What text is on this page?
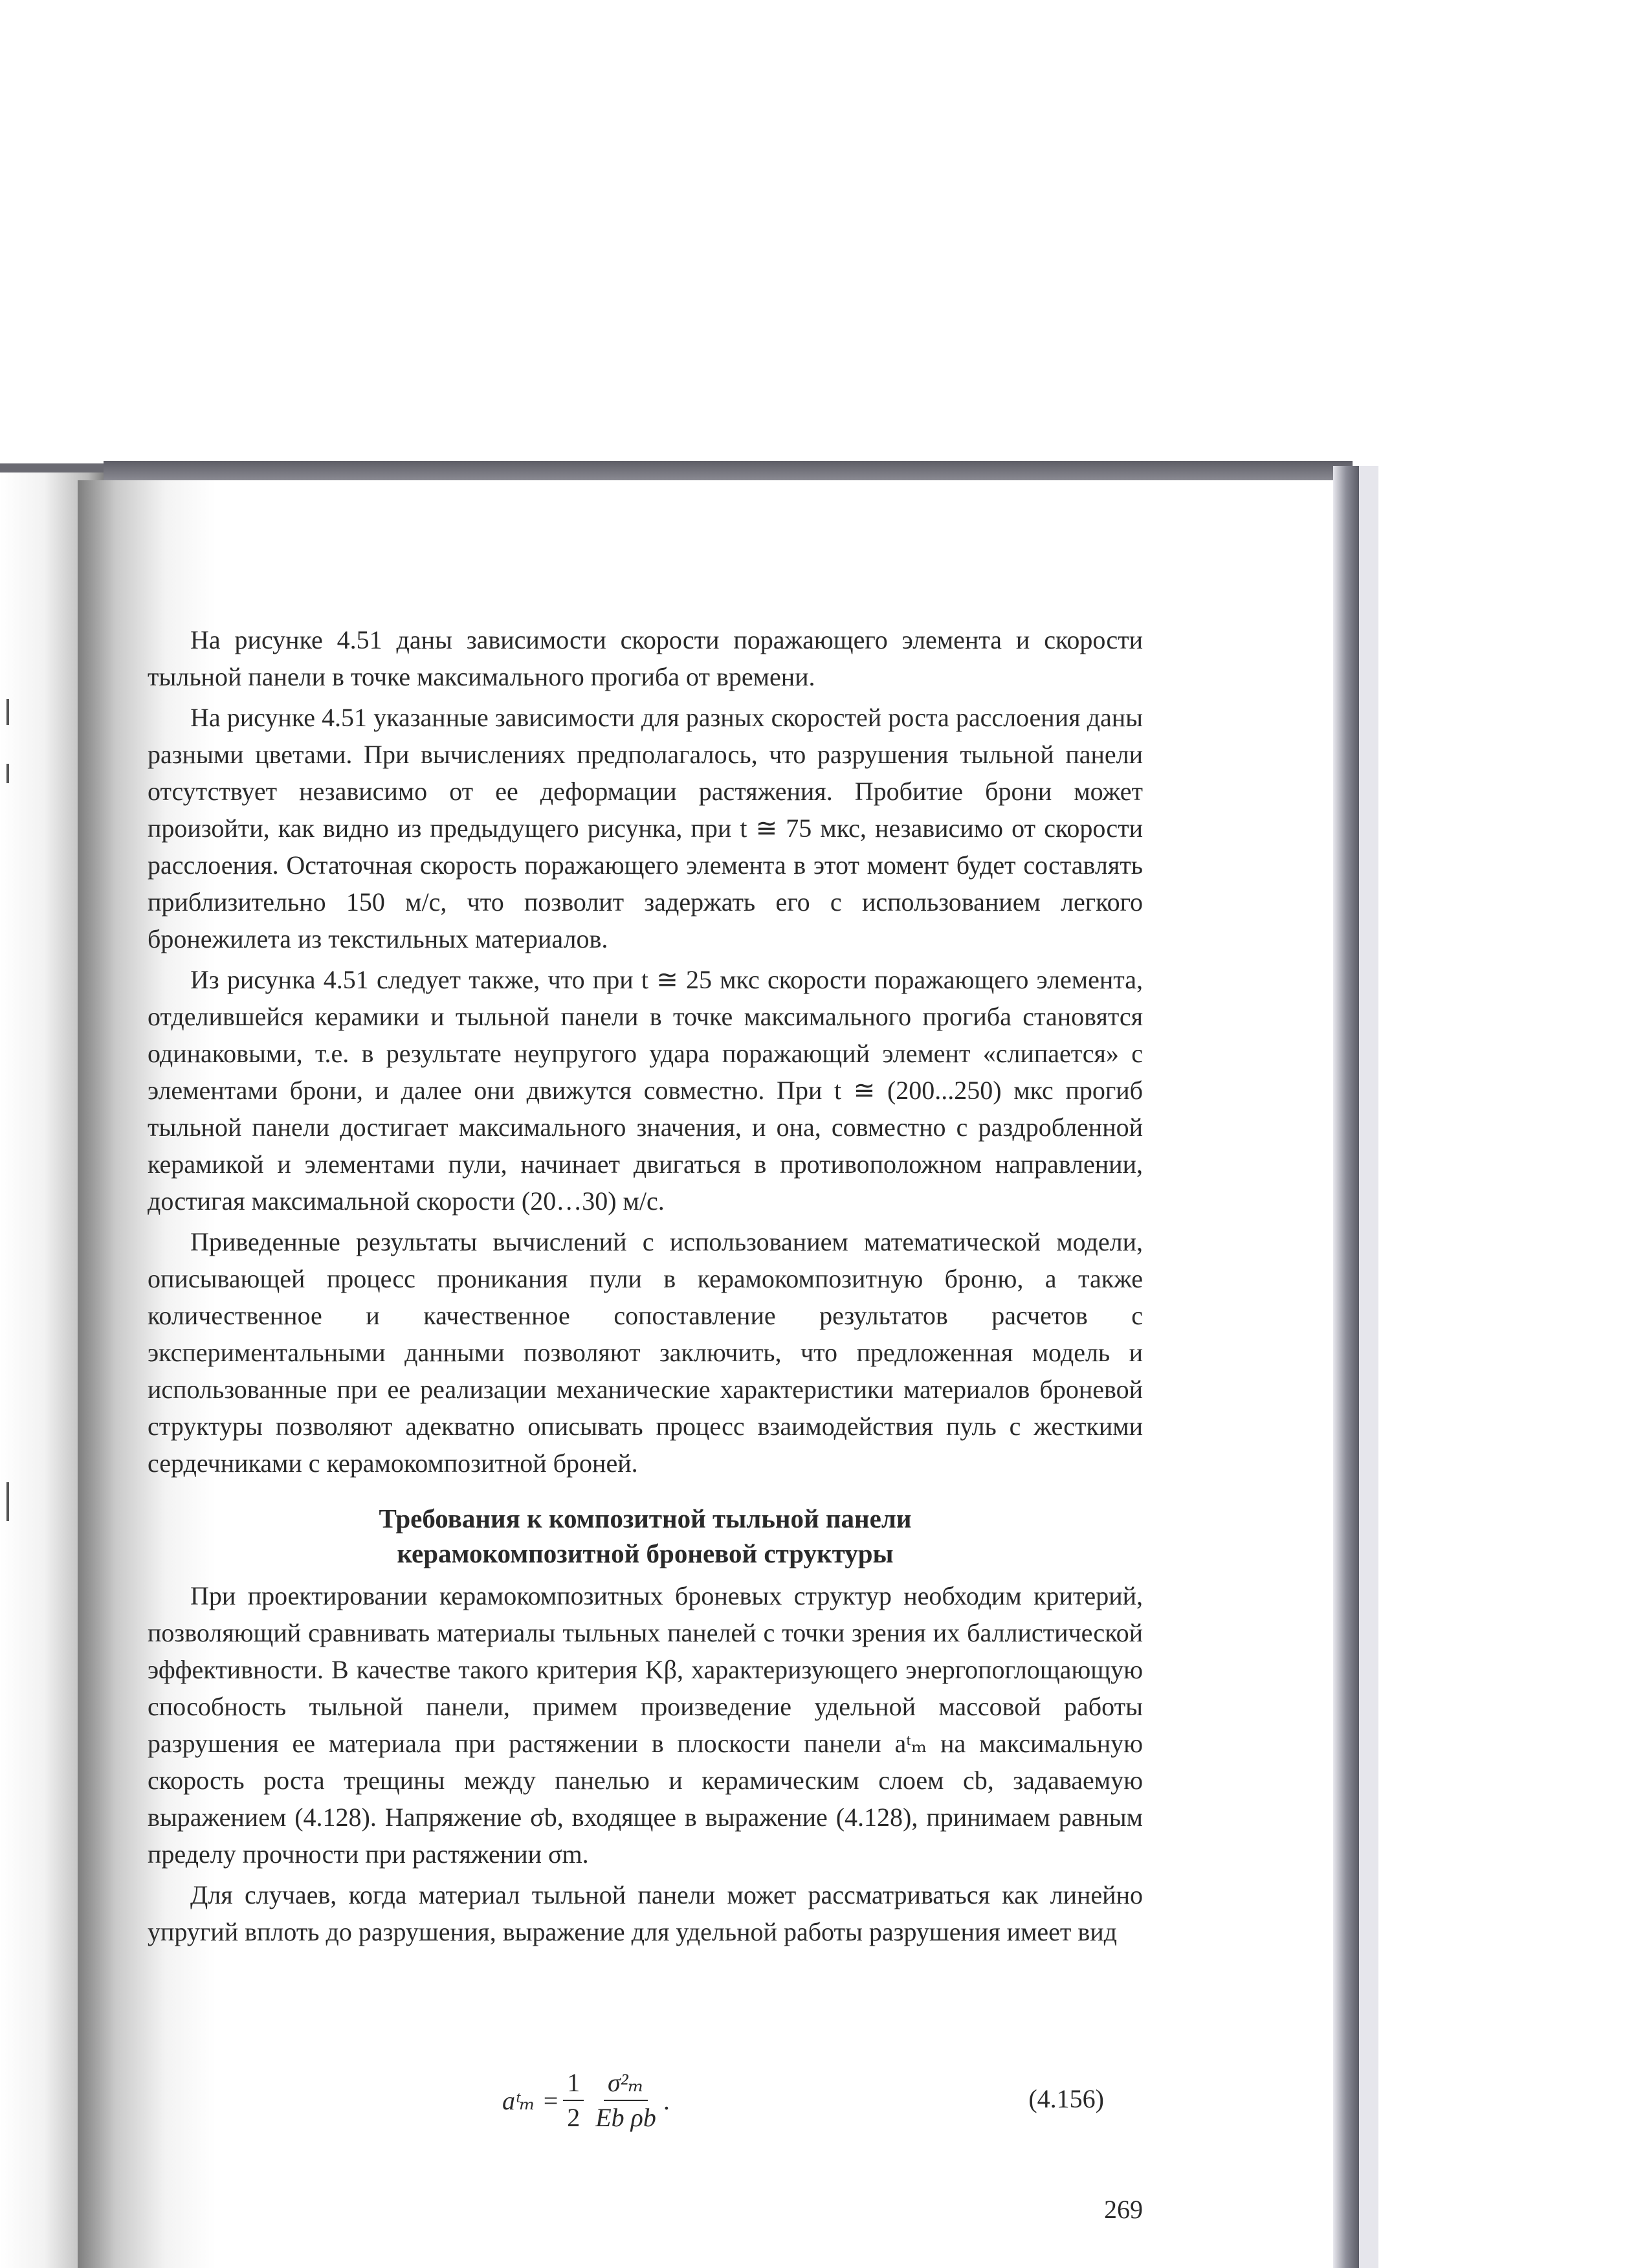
На рисунке 4.51 даны зависимости скорости поражающего элемента и скорости тыльной панели в точке максимального прогиба от времени.

На рисунке 4.51 указанные зависимости для разных скоростей роста расслоения даны разными цветами. При вычислениях предполагалось, что разрушения тыльной панели отсутствует независимо от ее деформации растяжения. Пробитие брони может произойти, как видно из предыдущего рисунка, при t ≅ 75 мкс, независимо от скорости расслоения. Остаточная скорость поражающего элемента в этот момент будет составлять приблизительно 150 м/с, что позволит задержать его с использованием легкого бронежилета из текстильных материалов.

Из рисунка 4.51 следует также, что при t ≅ 25 мкс скорости поражающего элемента, отделившейся керамики и тыльной панели в точке максимального прогиба становятся одинаковыми, т.е. в результате неупругого удара поражающий элемент «слипается» с элементами брони, и далее они движутся совместно. При t ≅ (200...250) мкс прогиб тыльной панели достигает максимального значения, и она, совместно с раздробленной керамикой и элементами пули, начинает двигаться в противоположном направлении, достигая максимальной скорости (20…30) м/с.

Приведенные результаты вычислений с использованием математической модели, описывающей процесс проникания пули в керамокомпозитную броню, а также количественное и качественное сопоставление результатов расчетов с экспериментальными данными позволяют заключить, что предложенная модель и использованные при ее реализации механические характеристики материалов броневой структуры позволяют адекватно описывать процесс взаимодействия пуль с жесткими сердечниками с керамокомпозитной броней.

Требования к композитной тыльной панели
керамокомпозитной броневой структуры

При проектировании керамокомпозитных броневых структур необходим критерий, позволяющий сравнивать материалы тыльных панелей с точки зрения их баллистической эффективности. В качестве такого критерия Kβ, характеризующего энергопоглощающую способность тыльной панели, примем произведение удельной массовой работы разрушения ее материала при растяжении в плоскости панели aᵗₘ на максимальную скорость роста трещины между панелью и керамическим слоем cb, задаваемую выражением (4.128). Напряжение σb, входящее в выражение (4.128), принимаем равным пределу прочности при растяжении σm.

Для случаев, когда материал тыльной панели может рассматриваться как линейно упругий вплоть до разрушения, выражение для удельной работы разрушения имеет вид

aᵗₘ = $\frac{1}{2} \frac{\text{σ²ₘ}}{\text{Eb ρb}}$ .	(4.156)
269
